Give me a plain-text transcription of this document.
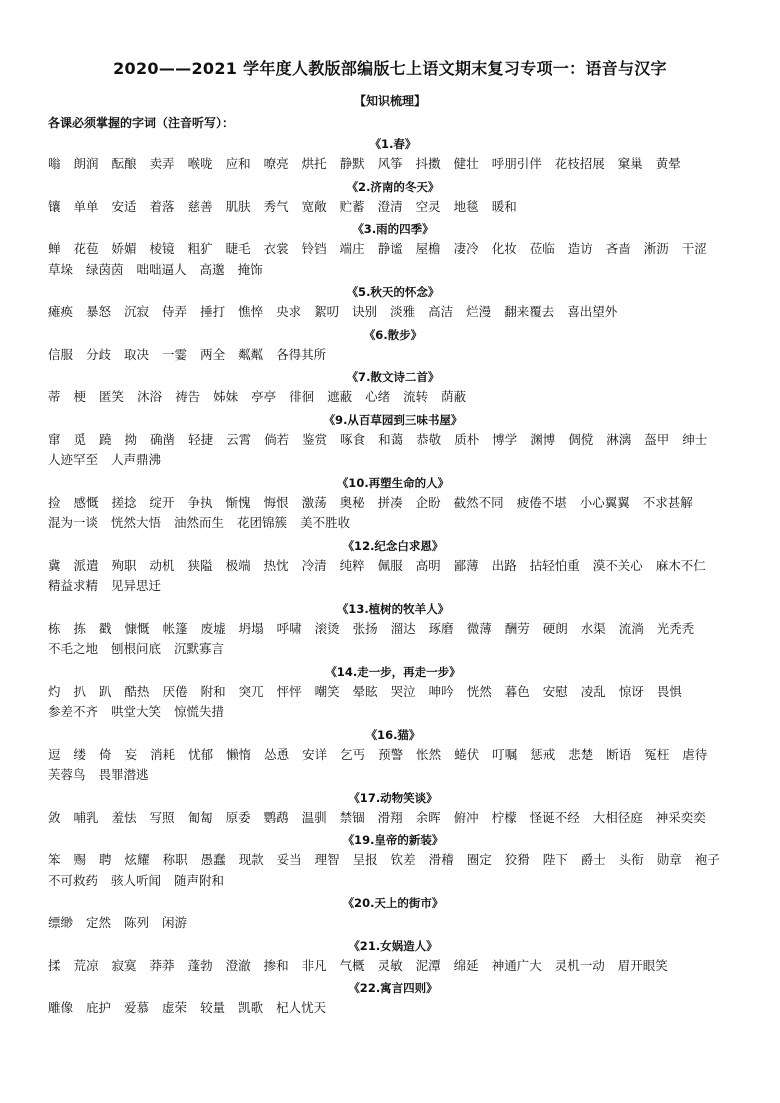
2020——2021 学年度人教版部编版七上语文期末复习专项一：语音与汉字
【知识梳理】
各课必须掌握的字词（注音听写）：
《1.春》
嗡 朗润 酝酿 卖弄 喉咙 应和 嘹亮 烘托 静默 风筝 抖擞 健壮 呼朋引伴 花枝招展 窠巢 黄晕
《2.济南的冬天》
镶 单单 安适 着落 慈善 肌肤 秀气 宽敞 贮蓄 澄清 空灵 地毯 暖和
《3.雨的四季》
蝉 花苞 娇媚 棱镜 粗犷 睫毛 衣裳 铃铛 端庄 静谧 屋檐 凄冷 化妆 莅临 造访 吝啬 淅沥 干涩
草垛 绿茵茵 咄咄逼人 高邈 掩饰
《5.秋天的怀念》
瘫痪 暴怒 沉寂 侍弄 捶打 憔悴 央求 絮叨 诀别 淡雅 高洁 烂漫 翻来覆去 喜出望外
《6.散步》
信服 分歧 取决 一霎 两全 粼粼 各得其所
《7.散文诗二首》
蒂 梗 匿笑 沐浴 祷告 姊妹 亭亭 徘徊 遮蔽 心绪 流转 荫蔽
《9.从百草园到三味书屋》
窜 觅 蹺 拗 确凿 轻捷 云霄 倘若 鉴赏 啄食 和蔼 恭敬 质朴 博学 渊博 倜傥 淋漓 盔甲 绅士
人迹罕至 人声鼎沸
《10.再塑生命的人》
捡 感慨 搓捻 绽开 争执 惭愧 悔恨 激荡 奥秘 拼凑 企盼 截然不同 疲倦不堪 小心翼翼 不求甚解
混为一谈 恍然大悟 油然而生 花团锦簇 美不胜收
《12.纪念白求恩》
冀 派遣 殉职 动机 狭隘 极端 热忱 冷清 纯粹 佩服 高明 鄙薄 出路 拈轻怕重 漠不关心 麻木不仁
精益求精 见异思迁
《13.植树的牧羊人》
栋 拣 戳 慷慨 帐篷 废墟 坍塌 呼啸 滚烫 张扬 溜达 琢磨 微薄 酬劳 硬朗 水渠 流淌 光秃秃
不毛之地 刨根问底 沉默寡言
《14.走一步，再走一步》
灼 扒 趴 酷热 厌倦 附和 突兀 怦怦 嘲笑 晕眩 哭泣 呻吟 恍然 暮色 安慰 凌乱 惊讶 畏惧
参差不齐 哄堂大笑 惊慌失措
《16.猫》
逗 缕 倚 妄 消耗 忧郁 懒惰 怂恿 安详 乞丐 预警 怅然 蜷伏 叮嘱 惩戒 悲楚 断语 冤枉 虐待
芙蓉鸟 畏罪潜逃
《17.动物笑谈》
敛 哺乳 羞怯 写照 匍匐 原委 鹦鹉 温驯 禁锢 滑翔 余晖 俯冲 柠檬 怪诞不经 大相径庭 神采奕奕
《19.皇帝的新装》
笨 赐 聘 炫耀 称职 愚蠢 现款 妥当 理智 呈报 钦差 滑稽 圈定 狡猾 陛下 爵士 头衔 勋章 袍子
不可救药 骇人听闻 随声附和
《20.天上的街市》
缥缈 定然 陈列 闲游
《21.女娲造人》
揉 荒凉 寂寞 莽莽 蓬勃 澄澈 掺和 非凡 气概 灵敏 泥潭 绵延 神通广大 灵机一动 眉开眼笑
《22.寓言四则》
雕像 庇护 爱慕 虚荣 较量 凯歌 杞人忧天
